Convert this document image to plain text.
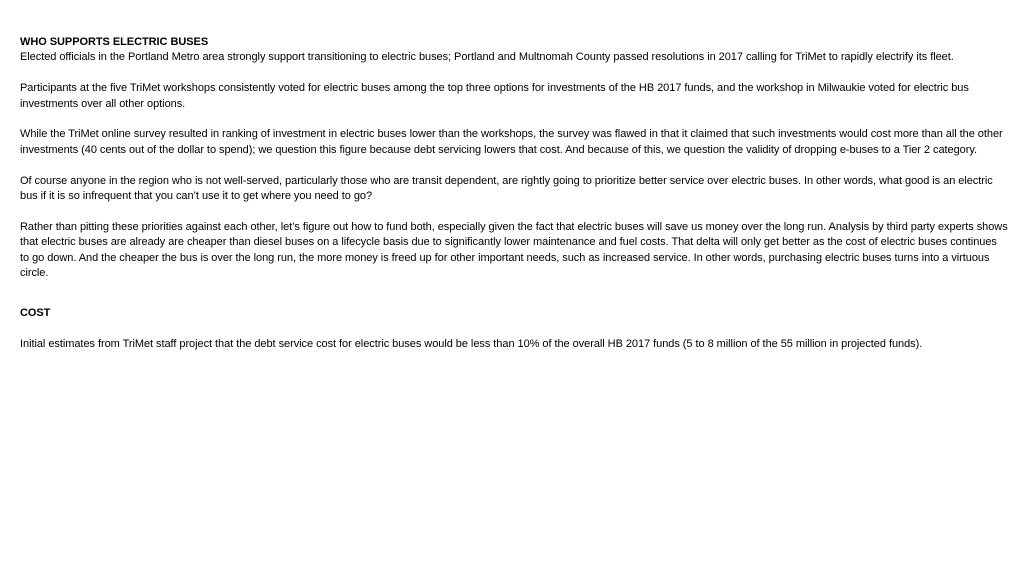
WHO SUPPORTS ELECTRIC BUSES

Elected officials in the Portland Metro area strongly support transitioning to electric buses; Portland and Multnomah County passed resolutions in 2017 calling for TriMet to rapidly electrify its fleet.

Participants at the five TriMet workshops consistently voted for electric buses among the top three options for investments of the HB 2017 funds, and the workshop in Milwaukie voted for electric bus investments over all other options.

While the TriMet online survey resulted in ranking of investment in electric buses lower than the workshops, the survey was flawed in that it claimed that such investments would cost more than all the other investments (40 cents out of the dollar to spend); we question this figure because debt servicing lowers that cost. And because of this, we question the validity of dropping e-buses to a Tier 2 category.

Of course anyone in the region who is not well-served, particularly those who are transit dependent, are rightly going to prioritize better service over electric buses. In other words, what good is an electric bus if it is so infrequent that you can’t use it to get where you need to go?

Rather than pitting these priorities against each other, let’s figure out how to fund both, especially given the fact that electric buses will save us money over the long run. Analysis by third party experts shows that electric buses are already are cheaper than diesel buses on a lifecycle basis due to significantly lower maintenance and fuel costs. That delta will only get better as the cost of electric buses continues to go down. And the cheaper the bus is over the long run, the more money is freed up for other important needs, such as increased service. In other words, purchasing electric buses turns into a virtuous circle.

COST

Initial estimates from TriMet staff project that the debt service cost for electric buses would be less than 10% of the overall HB 2017 funds (5 to 8 million of the 55 million in projected funds).
